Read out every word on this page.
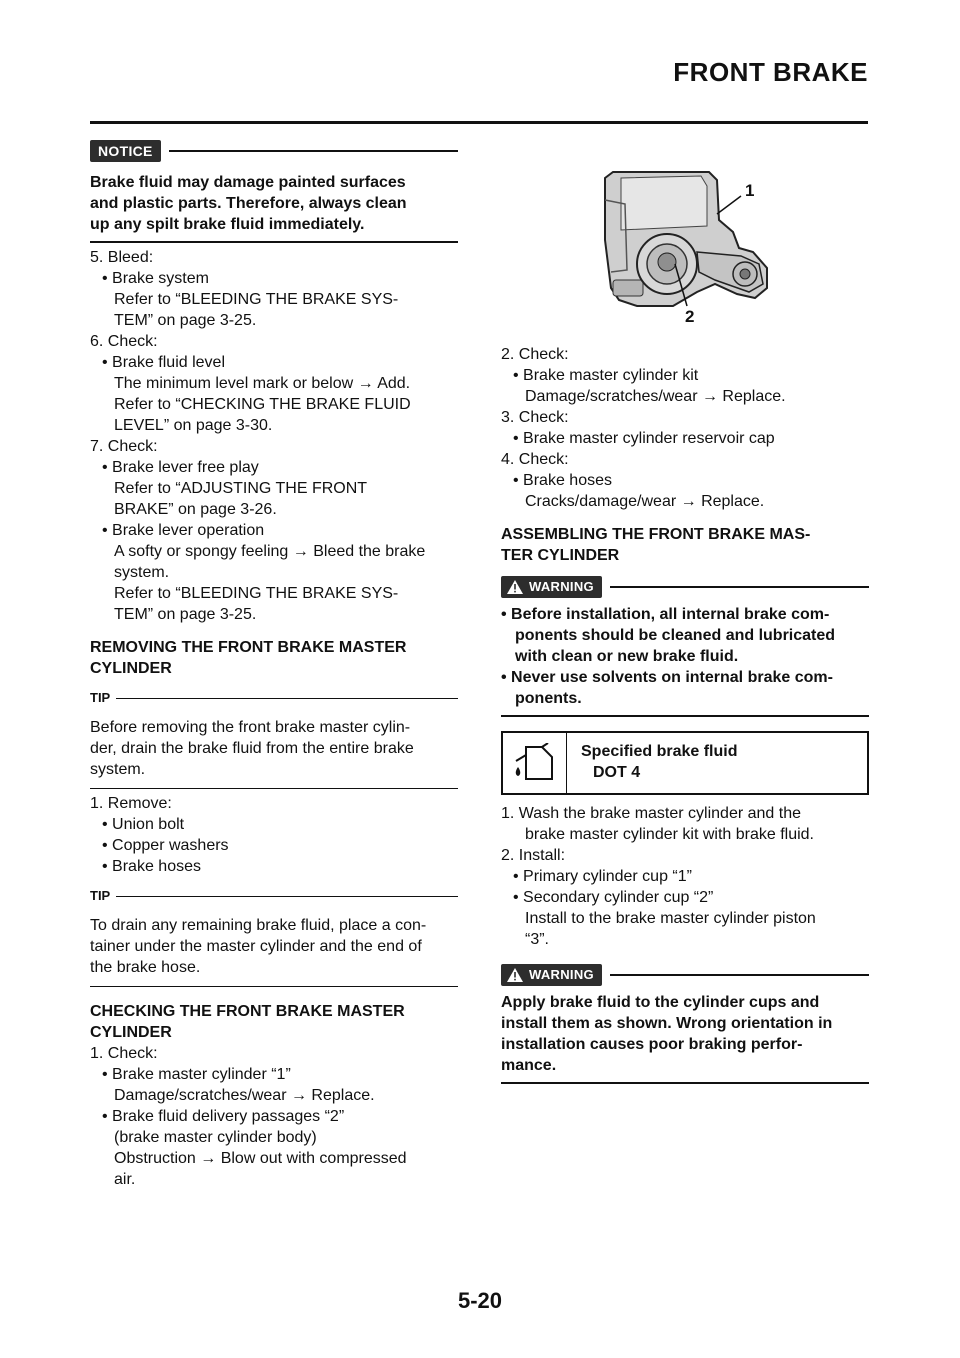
FRONT BRAKE
NOTICE
Brake fluid may damage painted surfaces
and plastic parts. Therefore, always clean
up any spilt brake fluid immediately.
5. Bleed:
• Brake system
Refer to “BLEEDING THE BRAKE SYS-
TEM” on page 3-25.
6. Check:
• Brake fluid level
The minimum level mark or below → Add.
Refer to “CHECKING THE BRAKE FLUID
LEVEL” on page 3-30.
7. Check:
• Brake lever free play
Refer to “ADJUSTING THE FRONT
BRAKE” on page 3-26.
• Brake lever operation
A softy or spongy feeling → Bleed the brake
system.
Refer to “BLEEDING THE BRAKE SYS-
TEM” on page 3-25.
REMOVING THE FRONT BRAKE MASTER
CYLINDER
TIP
Before removing the front brake master cylin-
der, drain the brake fluid from the entire brake
system.
1. Remove:
• Union bolt
• Copper washers
• Brake hoses
TIP
To drain any remaining brake fluid, place a con-
tainer under the master cylinder and the end of
the brake hose.
CHECKING THE FRONT BRAKE MASTER
CYLINDER
1. Check:
• Brake master cylinder “1”
Damage/scratches/wear → Replace.
• Brake fluid delivery passages “2”
(brake master cylinder body)
Obstruction → Blow out with compressed
air.
1
2
2. Check:
• Brake master cylinder kit
Damage/scratches/wear → Replace.
3. Check:
• Brake master cylinder reservoir cap
4. Check:
• Brake hoses
Cracks/damage/wear → Replace.
ASSEMBLING THE FRONT BRAKE MAS-
TER CYLINDER
WARNING
• Before installation, all internal brake com-
ponents should be cleaned and lubricated
with clean or new brake fluid.
• Never use solvents on internal brake com-
ponents.
Specified brake fluid
DOT 4
1. Wash the brake master cylinder and the
brake master cylinder kit with brake fluid.
2. Install:
• Primary cylinder cup “1”
• Secondary cylinder cup “2”
Install to the brake master cylinder piston
“3”.
WARNING
Apply brake fluid to the cylinder cups and
install them as shown. Wrong orientation in
installation causes poor braking perfor-
mance.
5-20
